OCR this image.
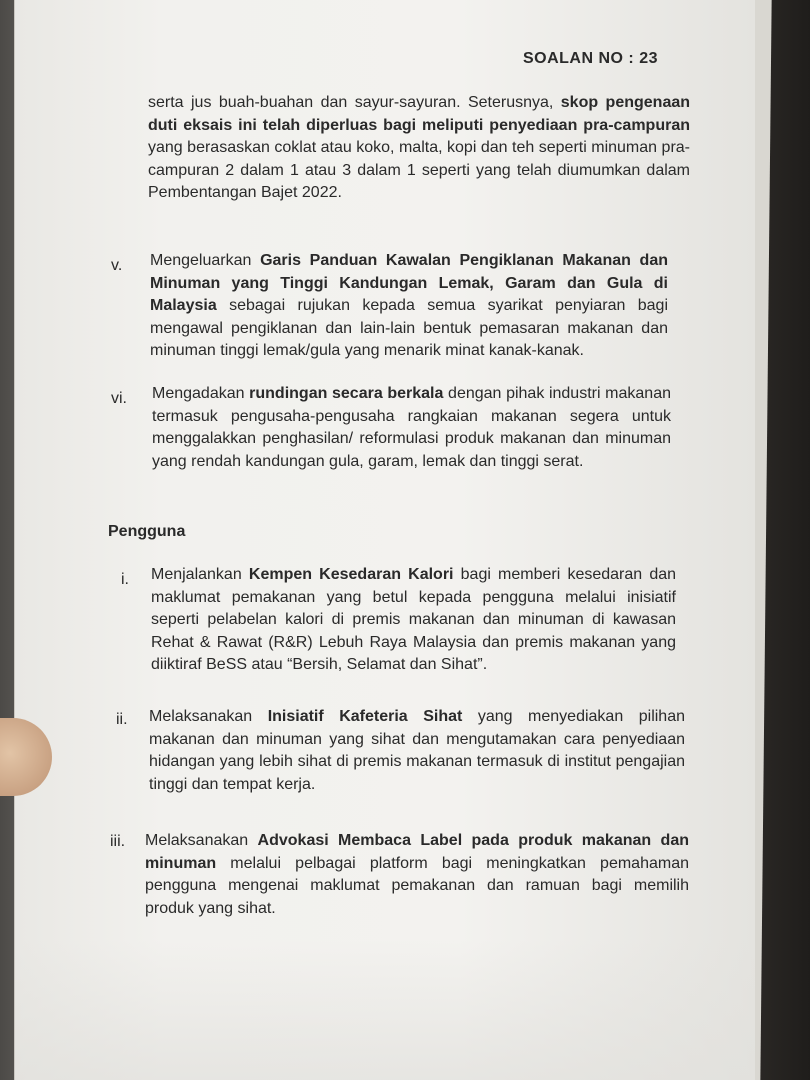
SOALAN NO : 23
serta jus buah-buahan dan sayur-sayuran. Seterusnya, skop pengenaan duti eksais ini telah diperluas bagi meliputi penyediaan pra-campuran yang berasaskan coklat atau koko, malta, kopi dan teh seperti minuman pra-campuran 2 dalam 1 atau 3 dalam 1 seperti yang telah diumumkan dalam Pembentangan Bajet 2022.
v. Mengeluarkan Garis Panduan Kawalan Pengiklanan Makanan dan Minuman yang Tinggi Kandungan Lemak, Garam dan Gula di Malaysia sebagai rujukan kepada semua syarikat penyiaran bagi mengawal pengiklanan dan lain-lain bentuk pemasaran makanan dan minuman tinggi lemak/gula yang menarik minat kanak-kanak.
vi. Mengadakan rundingan secara berkala dengan pihak industri makanan termasuk pengusaha-pengusaha rangkaian makanan segera untuk menggalakkan penghasilan/ reformulasi produk makanan dan minuman yang rendah kandungan gula, garam, lemak dan tinggi serat.
Pengguna
i. Menjalankan Kempen Kesedaran Kalori bagi memberi kesedaran dan maklumat pemakanan yang betul kepada pengguna melalui inisiatif seperti pelabelan kalori di premis makanan dan minuman di kawasan Rehat & Rawat (R&R) Lebuh Raya Malaysia dan premis makanan yang diiktiraf BeSS atau “Bersih, Selamat dan Sihat”.
ii. Melaksanakan Inisiatif Kafeteria Sihat yang menyediakan pilihan makanan dan minuman yang sihat dan mengutamakan cara penyediaan hidangan yang lebih sihat di premis makanan termasuk di institut pengajian tinggi dan tempat kerja.
iii. Melaksanakan Advokasi Membaca Label pada produk makanan dan minuman melalui pelbagai platform bagi meningkatkan pemahaman pengguna mengenai maklumat pemakanan dan ramuan bagi memilih produk yang sihat.
